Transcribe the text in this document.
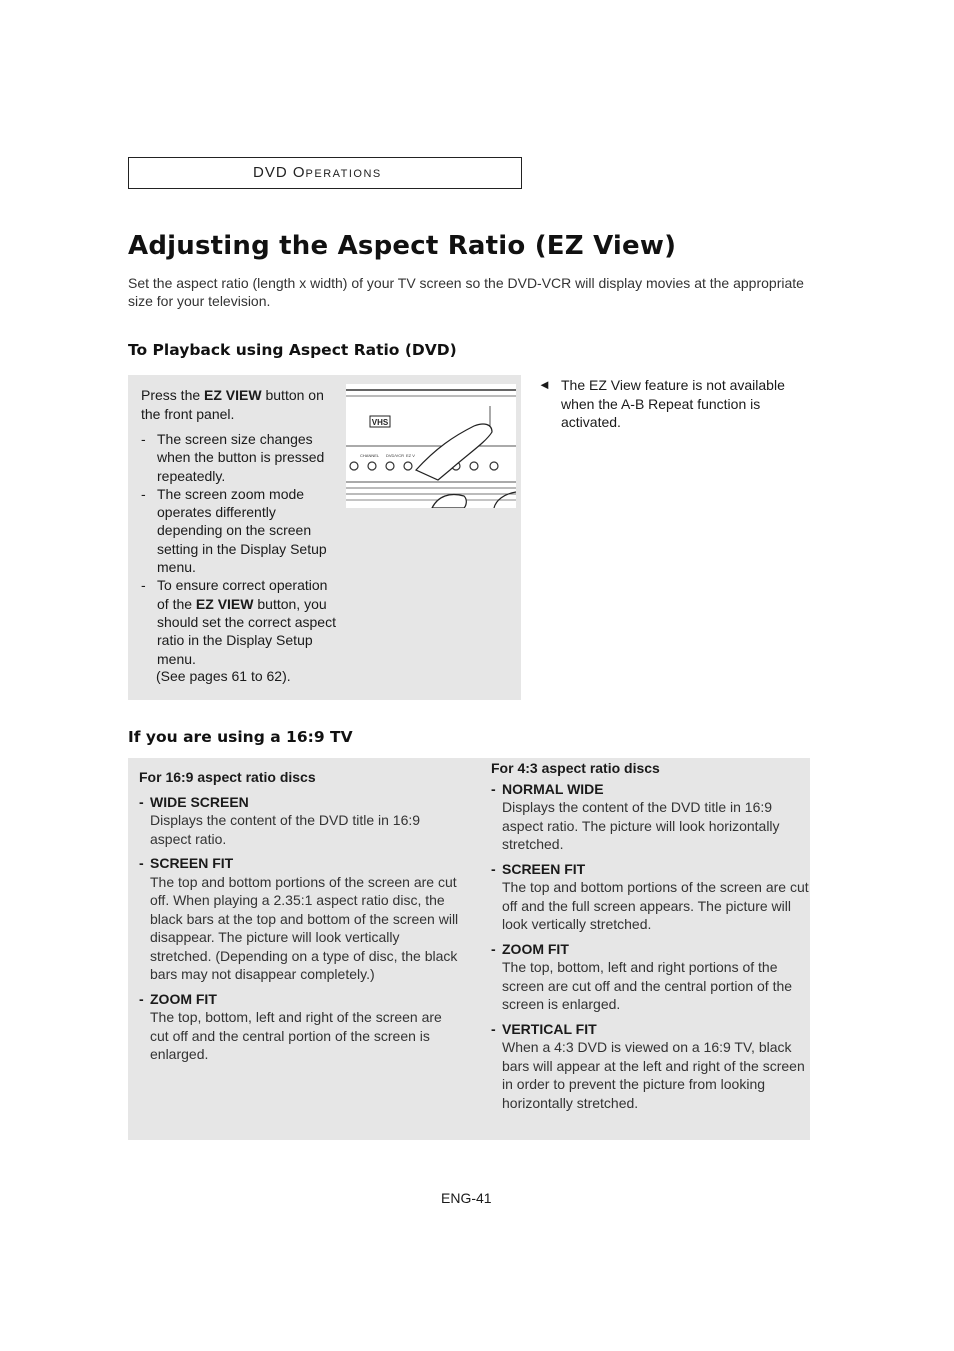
DVD OPERATIONS
Adjusting the Aspect Ratio (EZ View)

Set the aspect ratio (length x width) of your TV screen so the DVD-VCR will display movies at the appropriate size for your television.

To Playback using Aspect Ratio (DVD)

Press the EZ VIEW button on the front panel.

- The screen size changes when the button is pressed repeatedly.
- The screen zoom mode operates differently depending on the screen setting in the Display Setup menu.
- To ensure correct operation of the EZ VIEW button, you should set the correct aspect ratio in the Display Setup menu.
(See pages 61 to 62).
VHS
CHANNEL DVD/VCR EZ V
◄ The EZ View feature is not available when the A-B Repeat function is activated.
If you are using a 16:9 TV
For 16:9 aspect ratio discs
- WIDE SCREEN
Displays the content of the DVD title in 16:9 aspect ratio.
- SCREEN FIT
The top and bottom portions of the screen are cut off. When playing a 2.35:1 aspect ratio disc, the black bars at the top and bottom of the screen will disappear. The picture will look vertically stretched. (Depending on a type of disc, the black bars may not disappear completely.)
- ZOOM FIT
The top, bottom, left and right of the screen are cut off and the central portion of the screen is enlarged.
For 4:3 aspect ratio discs
- NORMAL WIDE
Displays the content of the DVD title in 16:9 aspect ratio. The picture will look horizontally stretched.
- SCREEN FIT
The top and bottom portions of the screen are cut off and the full screen appears. The picture will look vertically stretched.
- ZOOM FIT
The top, bottom, left and right portions of the screen are cut off and the central portion of the screen is enlarged.
- VERTICAL FIT
When a 4:3 DVD is viewed on a 16:9 TV, black bars will appear at the left and right of the screen in order to prevent the picture from looking horizontally stretched.
ENG-41
